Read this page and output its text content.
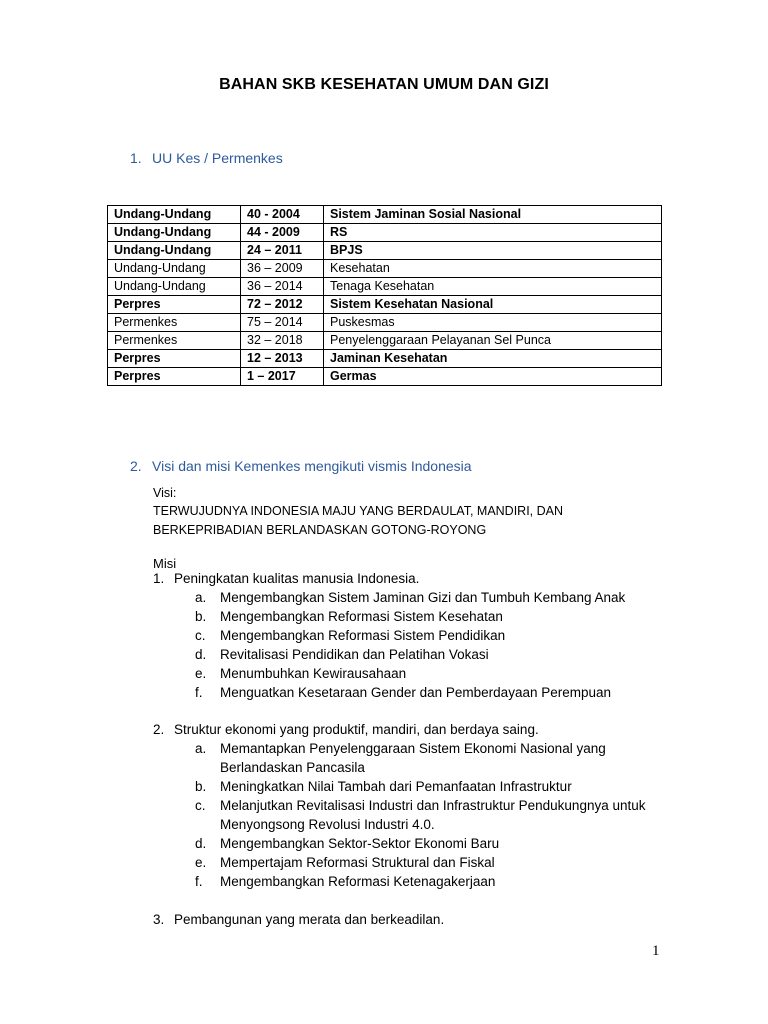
BAHAN SKB KESEHATAN UMUM DAN GIZI
1. UU Kes / Permenkes
Undang-Undang	40 - 2004	Sistem Jaminan Sosial Nasional
Undang-Undang	44 - 2009	RS
Undang-Undang	24 – 2011	BPJS
Undang-Undang	36 – 2009	Kesehatan
Undang-Undang	36 – 2014	Tenaga Kesehatan
Perpres	72 – 2012	Sistem Kesehatan Nasional
Permenkes	75 – 2014	Puskesmas
Permenkes	32 – 2018	Penyelenggaraan Pelayanan Sel Punca
Perpres	12 – 2013	Jaminan Kesehatan
Perpres	1 – 2017	Germas
2. Visi dan misi Kemenkes mengikuti vismis Indonesia
Visi:
TERWUJUDNYA INDONESIA MAJU YANG BERDAULAT, MANDIRI, DAN
BERKEPRIBADIAN BERLANDASKAN GOTONG-ROYONG
Misi
1. Peningkatan kualitas manusia Indonesia.
a. Mengembangkan Sistem Jaminan Gizi dan Tumbuh Kembang Anak
b. Mengembangkan Reformasi Sistem Kesehatan
c. Mengembangkan Reformasi Sistem Pendidikan
d. Revitalisasi Pendidikan dan Pelatihan Vokasi
e. Menumbuhkan Kewirausahaan
f. Menguatkan Kesetaraan Gender dan Pemberdayaan Perempuan
2. Struktur ekonomi yang produktif, mandiri, dan berdaya saing.
a. Memantapkan Penyelenggaraan Sistem Ekonomi Nasional yang
Berlandaskan Pancasila
b. Meningkatkan Nilai Tambah dari Pemanfaatan Infrastruktur
c. Melanjutkan Revitalisasi Industri dan Infrastruktur Pendukungnya untuk
Menyongsong Revolusi Industri 4.0.
d. Mengembangkan Sektor-Sektor Ekonomi Baru
e. Mempertajam Reformasi Struktural dan Fiskal
f. Mengembangkan Reformasi Ketenagakerjaan
3. Pembangunan yang merata dan berkeadilan.
1
